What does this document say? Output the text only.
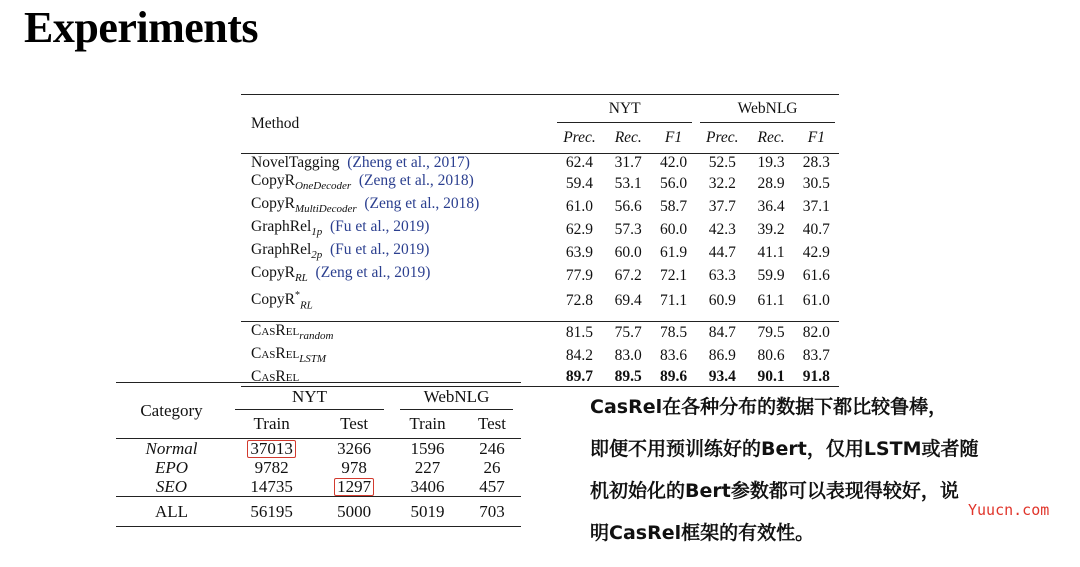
Experiments
Method	NYT			WebNLG		

	Prec.	Rec.	F1	Prec.	Rec.	F1
NovelTagging (Zheng et al., 2017)	62.4	31.7	42.0	52.5	19.3	28.3
CopyR$_{OneDecoder}$ (Zeng et al., 2018)	59.4	53.1	56.0	32.2	28.9	30.5
CopyR$_{MultiDecoder}$ (Zeng et al., 2018)	61.0	56.6	58.7	37.7	36.4	37.1
GraphRel$_{1p}$ (Fu et al., 2019)	62.9	57.3	60.0	42.3	39.2	40.7
GraphRel$_{2p}$ (Fu et al., 2019)	63.9	60.0	61.9	44.7	41.1	42.9
CopyR$_{RL}$ (Zeng et al., 2019)	77.9	67.2	72.1	63.3	59.9	61.6
CopyR*$_{RL}$	72.8	69.4	71.1	60.9	61.1	61.0

CasRel$_{random}$	81.5	75.7	78.5	84.7	79.5	82.0
CasRel$_{LSTM}$	84.2	83.0	83.6	86.9	80.6	83.7
CasRel	89.7	89.5	89.6	93.4	90.1	91.8
Category	NYT		WebNLG	

	Train	Test	Train	Test
Normal	37013	3266	1596	246
EPO	9782	978	227	26
SEO	14735	1297	3406	457
ALL	56195	5000	5019	703

CasRel在各种分布的数据下都比较鲁棒，

即便不用预训练好的Bert，仅用LSTM或者随

机初始化的Bert参数都可以表现得较好，说

明CasRel框架的有效性。

Yuucn.com
